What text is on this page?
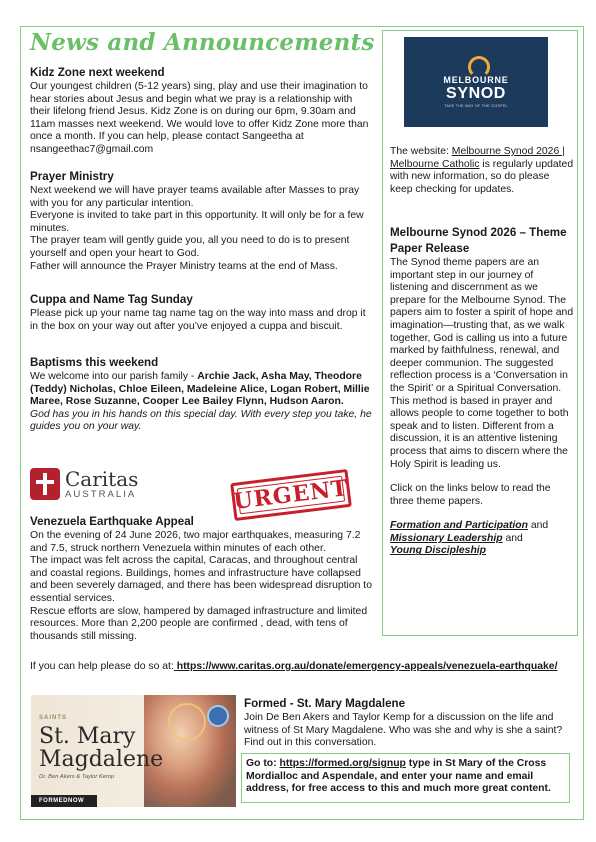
News and Announcements
Kidz Zone next weekend

Our youngest children (5-12 years) sing, play and use their imagination to hear stories about Jesus and begin what we pray is a relationship with their lifelong friend Jesus. Kidz Zone is on during our 6pm, 9.30am and 11am masses next weekend. We would love to offer Kidz Zone more than once a month. If you can help, please contact Sangeetha at nsangeethac7@gmail.com

Prayer Ministry

Next weekend we will have prayer teams available after Masses to pray with you for any particular intention.

Everyone is invited to take part in this opportunity. It will only be for a few minutes.

The prayer team will gently guide you, all you need to do is to present yourself and open your heart to God.

Father will announce the Prayer Ministry teams at the end of Mass.

Cuppa and Name Tag Sunday

Please pick up your name tag name tag on the way into mass and drop it in the box on your way out after you’ve enjoyed a cuppa and biscuit.

Baptisms this weekend

We welcome into our parish family - Archie Jack, Asha May, Theodore (Teddy) Nicholas, Chloe Eileen, Madeleine Alice, Logan Robert, Millie Maree, Rose Suzanne, Cooper Lee Bailey Flynn, Hudson Aaron.

God has you in his hands on this special day. With every step you take, he guides you on your way.

Caritas
AUSTRALIA	URGENT
Venezuela Earthquake Appeal

On the evening of 24 June 2026, two major earthquakes, measuring 7.2 and 7.5, struck northern Venezuela within minutes of each other.

The impact was felt across the capital, Caracas, and throughout central and coastal regions. Buildings, homes and infrastructure have collapsed and been severely damaged, and there has been widespread disruption to essential services.

Rescue efforts are slow, hampered by damaged infrastructure and limited resources. More than 2,200 people are confirmed , dead, with tens of thousands still missing.

If you can help please do so at: https://www.caritas.org.au/donate/emergency-appeals/venezuela-earthquake/

MELBOURNE
SYNOD
TAKE THE WAY OF THE GOSPEL

The website: Melbourne Synod 2026 | Melbourne Catholic is regularly updated with new information, so do please keep checking for updates.

Melbourne Synod 2026 – Theme Paper Release

The Synod theme papers are an important step in our journey of listening and discernment as we prepare for the Melbourne Synod. The papers aim to foster a spirit of hope and imagination—trusting that, as we walk together, God is calling us into a future marked by faithfulness, renewal, and deeper communion. The suggested reflection process is a ‘Conversation in the Spirit’ or a Spiritual Conversation. This method is based in prayer and allows people to come together to both speak and to listen. Different from a discussion, it is an attentive listening process that aims to discern where the Holy Spirit is leading us.

Click on the links below to read the three theme papers.

Formation and Participation and Missionary Leadership and
Young Discipleship

SAINTS
St. Mary
Magdalene
Dr. Ben Akers & Taylor Kemp
FORMEDNOW
Formed - St. Mary Magdalene

Join De Ben Akers and Taylor Kemp for a discussion on the life and witness of St Mary Magdalene. Who was she and why is she a saint? Find out in this conversation.

Go to: https://formed.org/signup type in St Mary of the Cross Mordialloc and Aspendale, and enter your name and email address, for free access to this and much more great content.
